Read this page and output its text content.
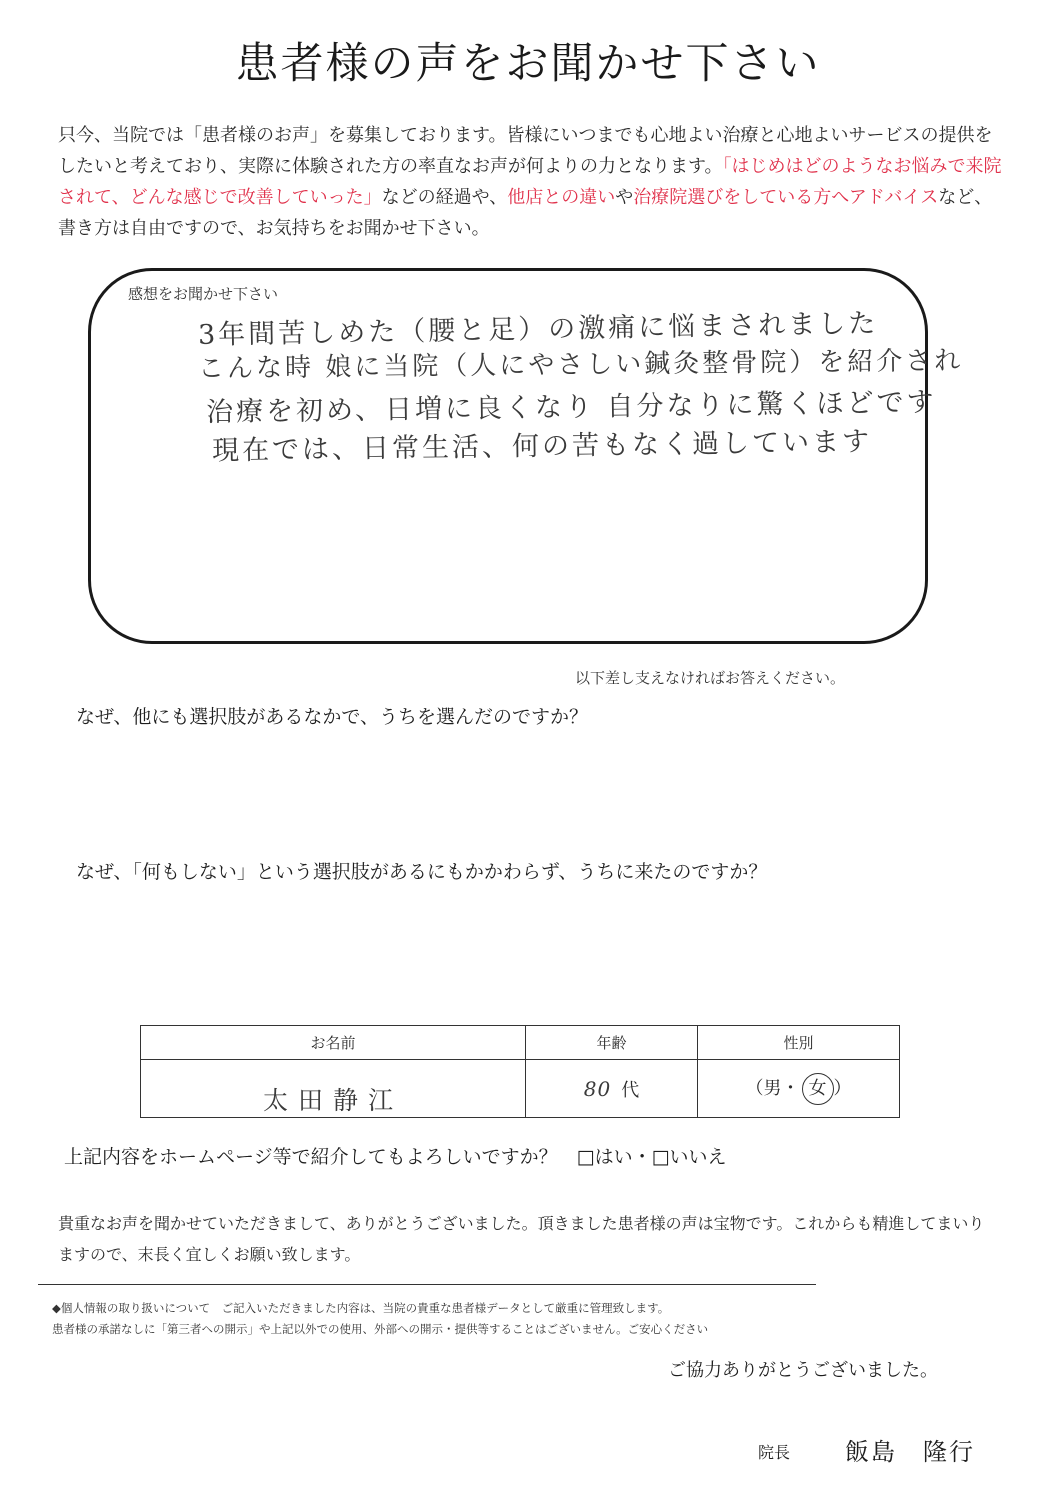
患者様の声をお聞かせ下さい
只今、当院では「患者様のお声」を募集しております。皆様にいつまでも心地よい治療と心地よいサービスの提供をしたいと考えており、実際に体験された方の率直なお声が何よりの力となります。「はじめはどのようなお悩みで来院されて、どんな感じで改善していった」などの経過や、他店との違いや治療院選びをしている方へアドバイスなど、書き方は自由ですので、お気持ちをお聞かせ下さい。
感想をお聞かせ下さい
3年間苦しめた（腰と足）の激痛に悩まされました
こんな時 娘に当院（人にやさしい鍼灸整骨院）を紹介され
治療を初め、日増に良くなり 自分なりに驚くほどです
現在では、日常生活、何の苦もなく過しています
以下差し支えなければお答えください。
なぜ、他にも選択肢があるなかで、うちを選んだのですか？
なぜ、「何もしない」という選択肢があるにもかかわらず、うちに来たのですか？
お名前	年齢	性別
太田静江	80 代	（男・ 女 ）
上記内容をホームページ等で紹介してもよろしいですか？　 □はい・□いいえ
貴重なお声を聞かせていただきまして、ありがとうございました。頂きました患者様の声は宝物です。これからも精進してまいりますので、末長く宜しくお願い致します。
◆個人情報の取り扱いについて　ご記入いただきました内容は、当院の貴重な患者様データとして厳重に管理致します。
患者様の承諾なしに「第三者への開示」や上記以外での使用、外部への開示・提供等することはございません。ご安心ください
ご協力ありがとうございました。
院長 飯島　隆行
